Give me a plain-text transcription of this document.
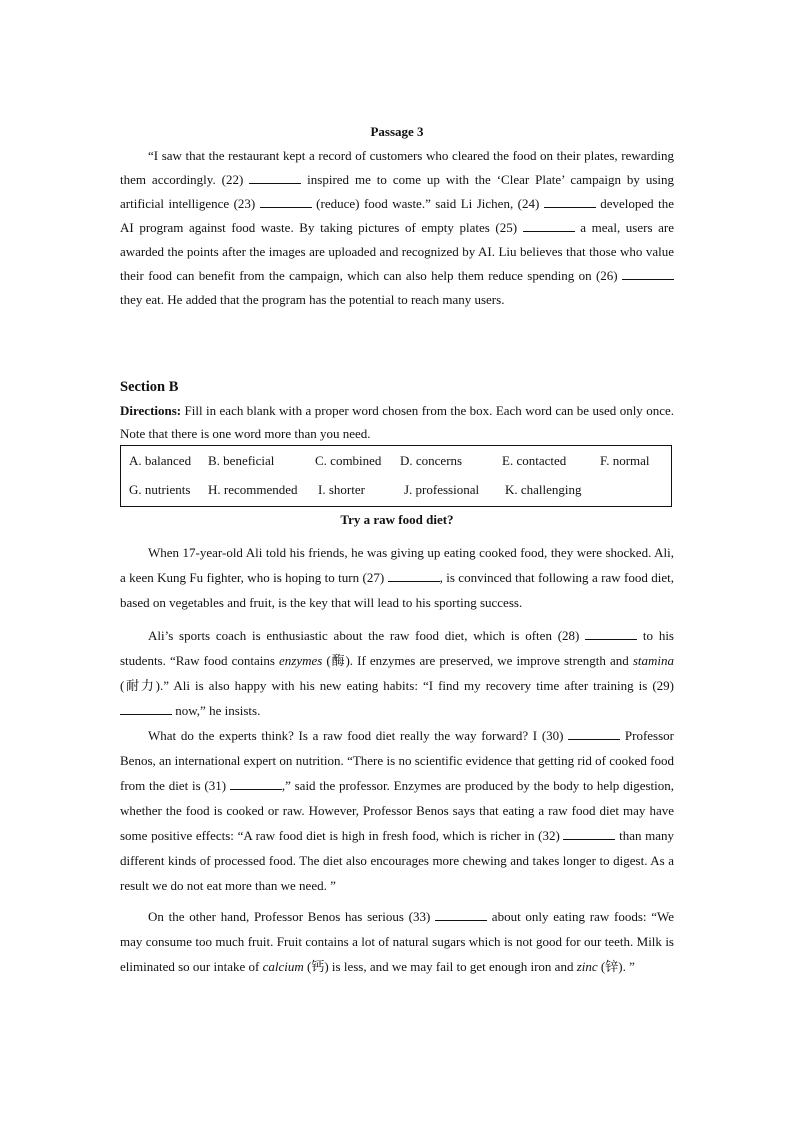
Passage 3

“I saw that the restaurant kept a record of customers who cleared the food on their plates, rewarding them accordingly. (22)	inspired me to come up with the ‘Clear Plate’ campaign by using artificial intelligence (23)	(reduce) food waste.” said Li Jichen, (24)	developed the AI program against food waste. By taking pictures of empty plates (25)	a meal, users are awarded the points after the images are uploaded and recognized by AI. Liu believes that those who value their food can benefit from the campaign, which can also help them reduce spending on (26)  they eat. He added that the program has the potential to reach many users.

Section B
Directions: Fill in each blank with a proper word chosen from the box. Each word can be used only once. Note that there is one word more than you need.
A. balanced B. beneficial	C. combined D. concerns	E. contacted	F. normal
G. nutrients H. recommended I. shorter	J. professional K. challenging
Try a raw food diet?

When 17-year-old Ali told his friends, he was giving up eating cooked food, they were shocked. Ali, a keen Kung Fu fighter, who is hoping to turn (27)	, is convinced that following a raw food diet, based on vegetables and fruit, is the key that will lead to his sporting success.

Ali’s sports coach is enthusiastic about the raw food diet, which is often (28)	to his students. “Raw food contains enzymes (酶). If enzymes are preserved, we improve strength and stamina (耐力).” Ali is also happy with his new eating habits: “I find my recovery time after training is (29)  now,” he insists.

What do the experts think? Is a raw food diet really the way forward? I (30)	Professor Benos, an international expert on nutrition. “There is no scientific evidence that getting rid of cooked food from the diet is (31)	,” said the professor. Enzymes are produced by the body to help digestion, whether the food is cooked or raw. However, Professor Benos says that eating a raw food diet may have some positive effects: “A raw food diet is high in fresh food, which is richer in (32)	than many different kinds of processed food. The diet also encourages more chewing and takes longer to digest. As a result we do not eat more than we need. ”

On the other hand, Professor Benos has serious (33)	about only eating raw foods: “We may consume too much fruit. Fruit contains a lot of natural sugars which is not good for our teeth. Milk is eliminated so our intake of calcium (钙) is less, and we may fail to get enough iron and zinc (锌). ”
